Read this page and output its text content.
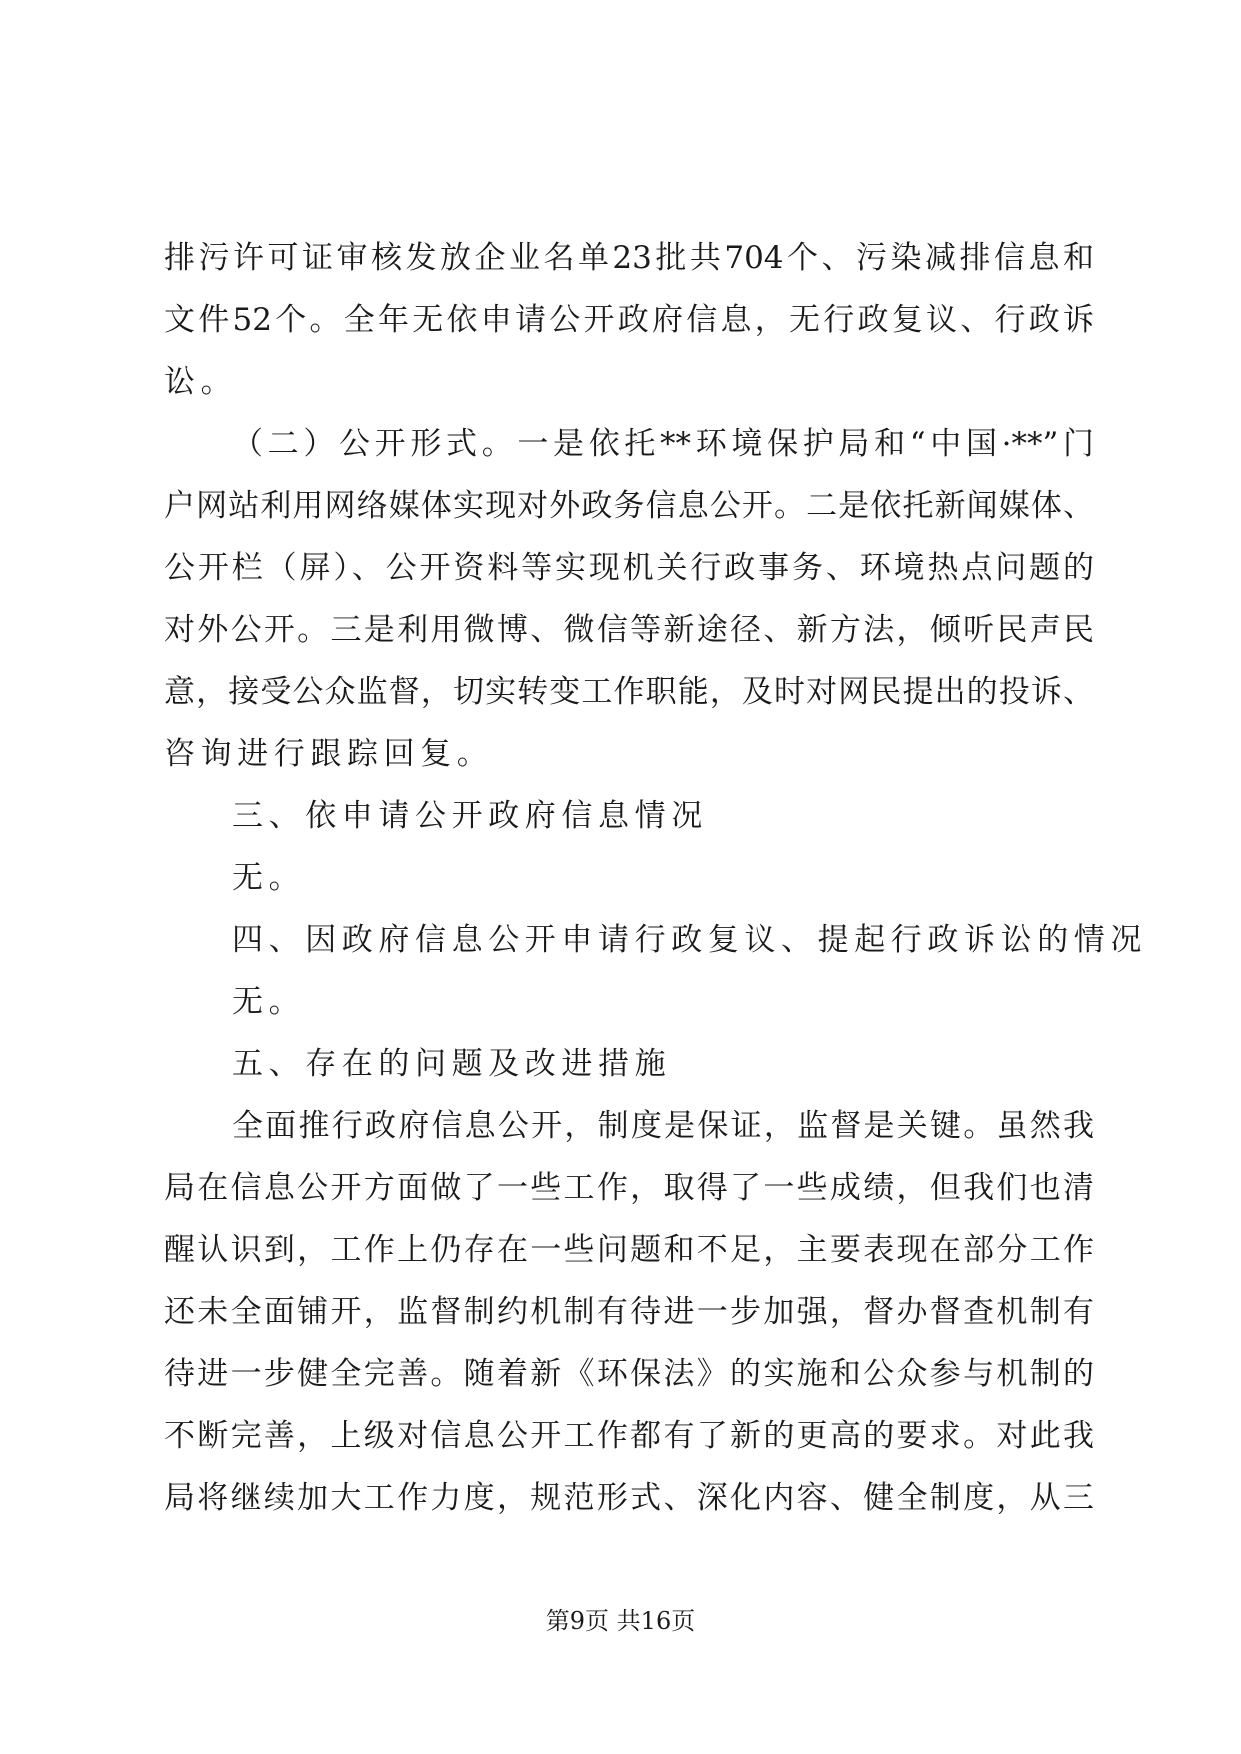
排污许可证审核发放企业名单23批共704个、污染减排信息和
文件52个。全年无依申请公开政府信息，无行政复议、行政诉
讼。
（二）公开形式。一是依托**环境保护局和“中国·**”门
户网站利用网络媒体实现对外政务信息公开。二是依托新闻媒体、
公开栏（屏）、公开资料等实现机关行政事务、环境热点问题的
对外公开。三是利用微博、微信等新途径、新方法，倾听民声民
意，接受公众监督，切实转变工作职能，及时对网民提出的投诉、
咨询进行跟踪回复。
三、依申请公开政府信息情况
无。
四、因政府信息公开申请行政复议、提起行政诉讼的情况
无。
五、存在的问题及改进措施
全面推行政府信息公开，制度是保证，监督是关键。虽然我
局在信息公开方面做了一些工作，取得了一些成绩，但我们也清
醒认识到，工作上仍存在一些问题和不足，主要表现在部分工作
还未全面铺开，监督制约机制有待进一步加强，督办督查机制有
待进一步健全完善。随着新《环保法》的实施和公众参与机制的
不断完善，上级对信息公开工作都有了新的更高的要求。对此我
局将继续加大工作力度，规范形式、深化内容、健全制度，从三
第9页 共16页
